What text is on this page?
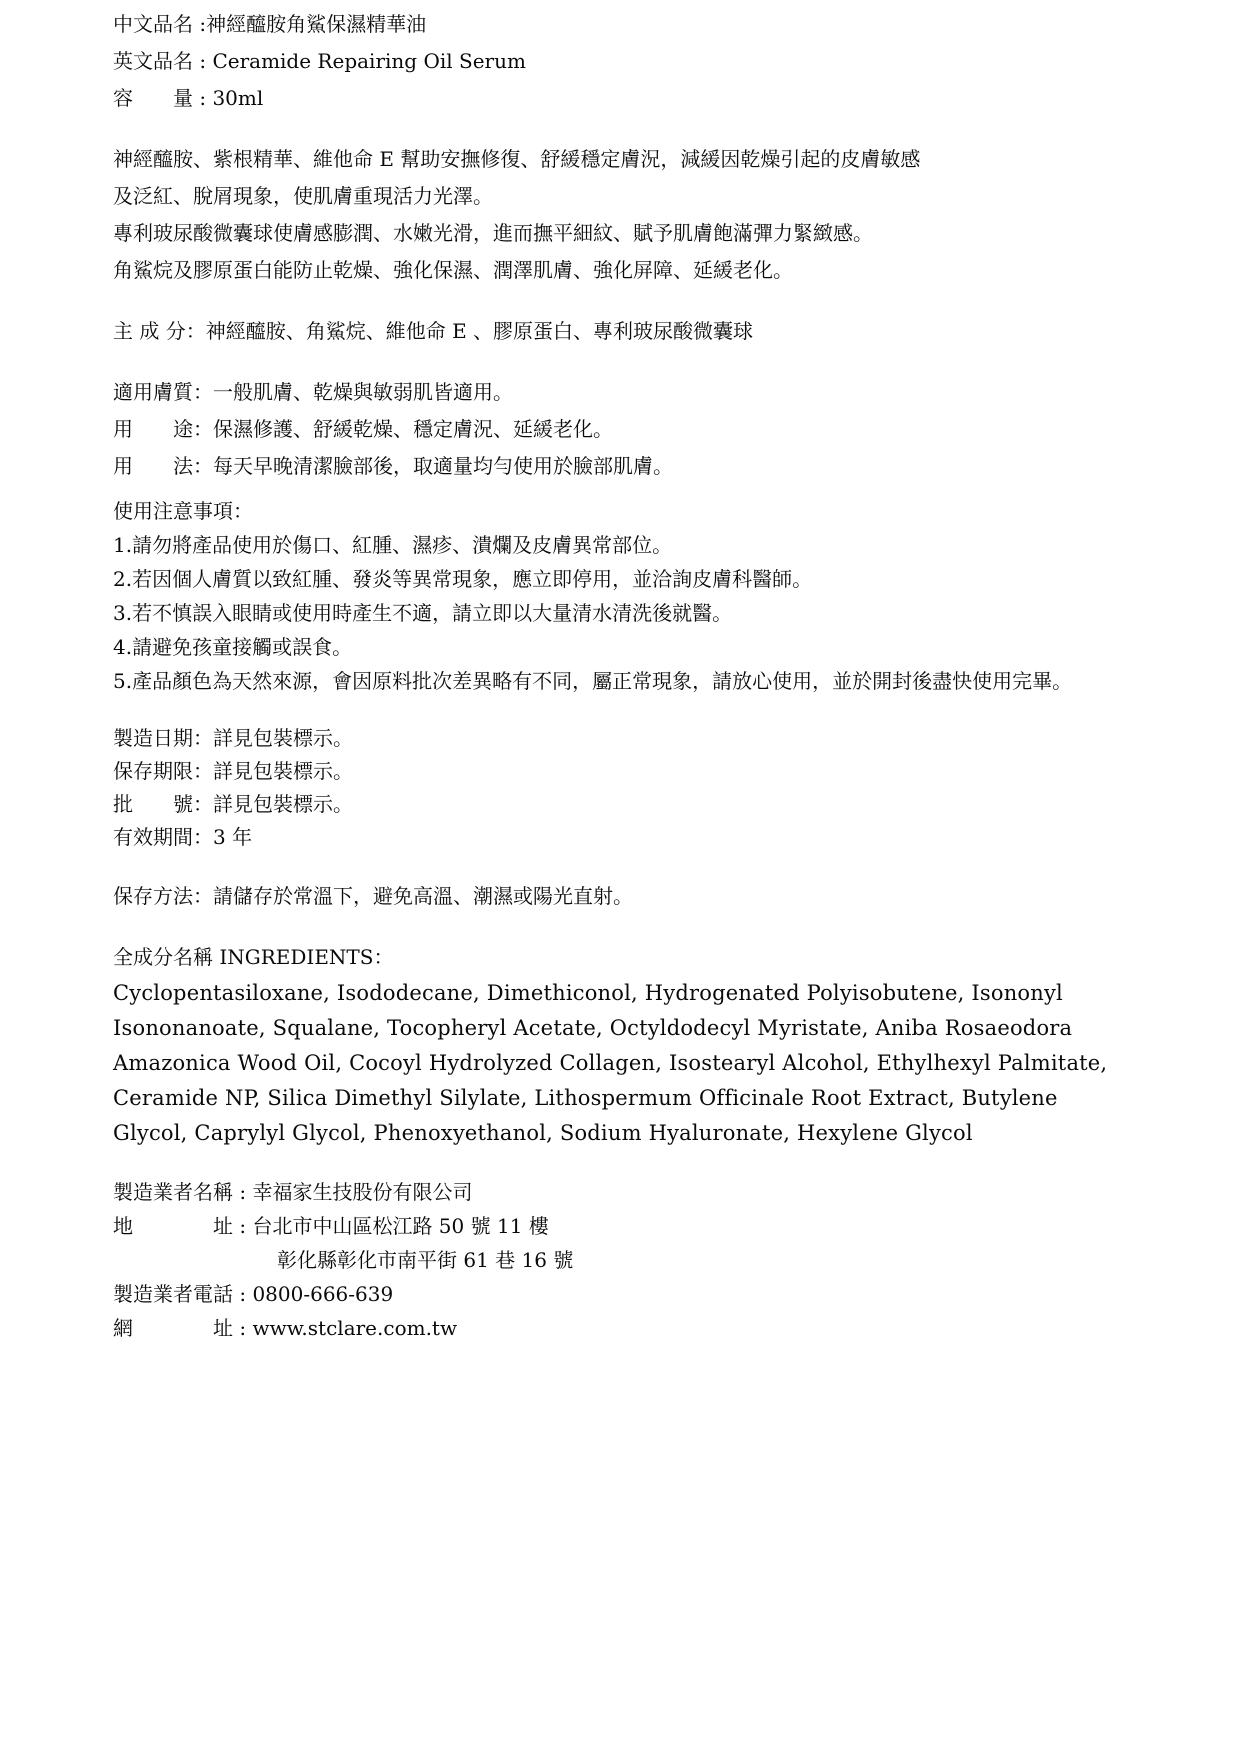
中文品名 :神經醯胺角鯊保濕精華油
英文品名 : Ceramide Repairing Oil Serum
容　　量 : 30ml
神經醯胺、紫根精華、維他命 E 幫助安撫修復、舒緩穩定膚況，減緩因乾燥引起的皮膚敏感
及泛紅、脫屑現象，使肌膚重現活力光澤。
專利玻尿酸微囊球使膚感膨潤、水嫩光滑，進而撫平細紋、賦予肌膚飽滿彈力緊緻感。
角鯊烷及膠原蛋白能防止乾燥、強化保濕、潤澤肌膚、強化屏障、延緩老化。
主 成 分：神經醯胺、角鯊烷、維他命 E 、膠原蛋白、專利玻尿酸微囊球
適用膚質：一般肌膚、乾燥與敏弱肌皆適用。
用　　途：保濕修護、舒緩乾燥、穩定膚況、延緩老化。
用　　法：每天早晚清潔臉部後，取適量均勻使用於臉部肌膚。
使用注意事項：
1.請勿將產品使用於傷口、紅腫、濕疹、潰爛及皮膚異常部位。
2.若因個人膚質以致紅腫、發炎等異常現象，應立即停用，並洽詢皮膚科醫師。
3.若不慎誤入眼睛或使用時產生不適，請立即以大量清水清洗後就醫。
4.請避免孩童接觸或誤食。
5.產品顏色為天然來源，會因原料批次差異略有不同，屬正常現象，請放心使用，並於開封後盡快使用完畢。
製造日期：詳見包裝標示。
保存期限：詳見包裝標示。
批　　號：詳見包裝標示。
有效期間：3 年
保存方法：請儲存於常溫下，避免高溫、潮濕或陽光直射。
全成分名稱 INGREDIENTS：
Cyclopentasiloxane, Isododecane, Dimethiconol, Hydrogenated Polyisobutene, Isononyl Isononanoate, Squalane, Tocopheryl Acetate, Octyldodecyl Myristate, Aniba Rosaeodora Amazonica Wood Oil, Cocoyl Hydrolyzed Collagen, Isostearyl Alcohol, Ethylhexyl Palmitate, Ceramide NP, Silica Dimethyl Silylate, Lithospermum Officinale Root Extract, Butylene Glycol, Caprylyl Glycol, Phenoxyethanol, Sodium Hyaluronate, Hexylene Glycol
製造業者名稱 : 幸福家生技股份有限公司
地　　　　址 : 台北市中山區松江路 50 號 11 樓
彰化縣彰化市南平街 61 巷 16 號
製造業者電話 : 0800-666-639
網　　　　址 : www.stclare.com.tw
